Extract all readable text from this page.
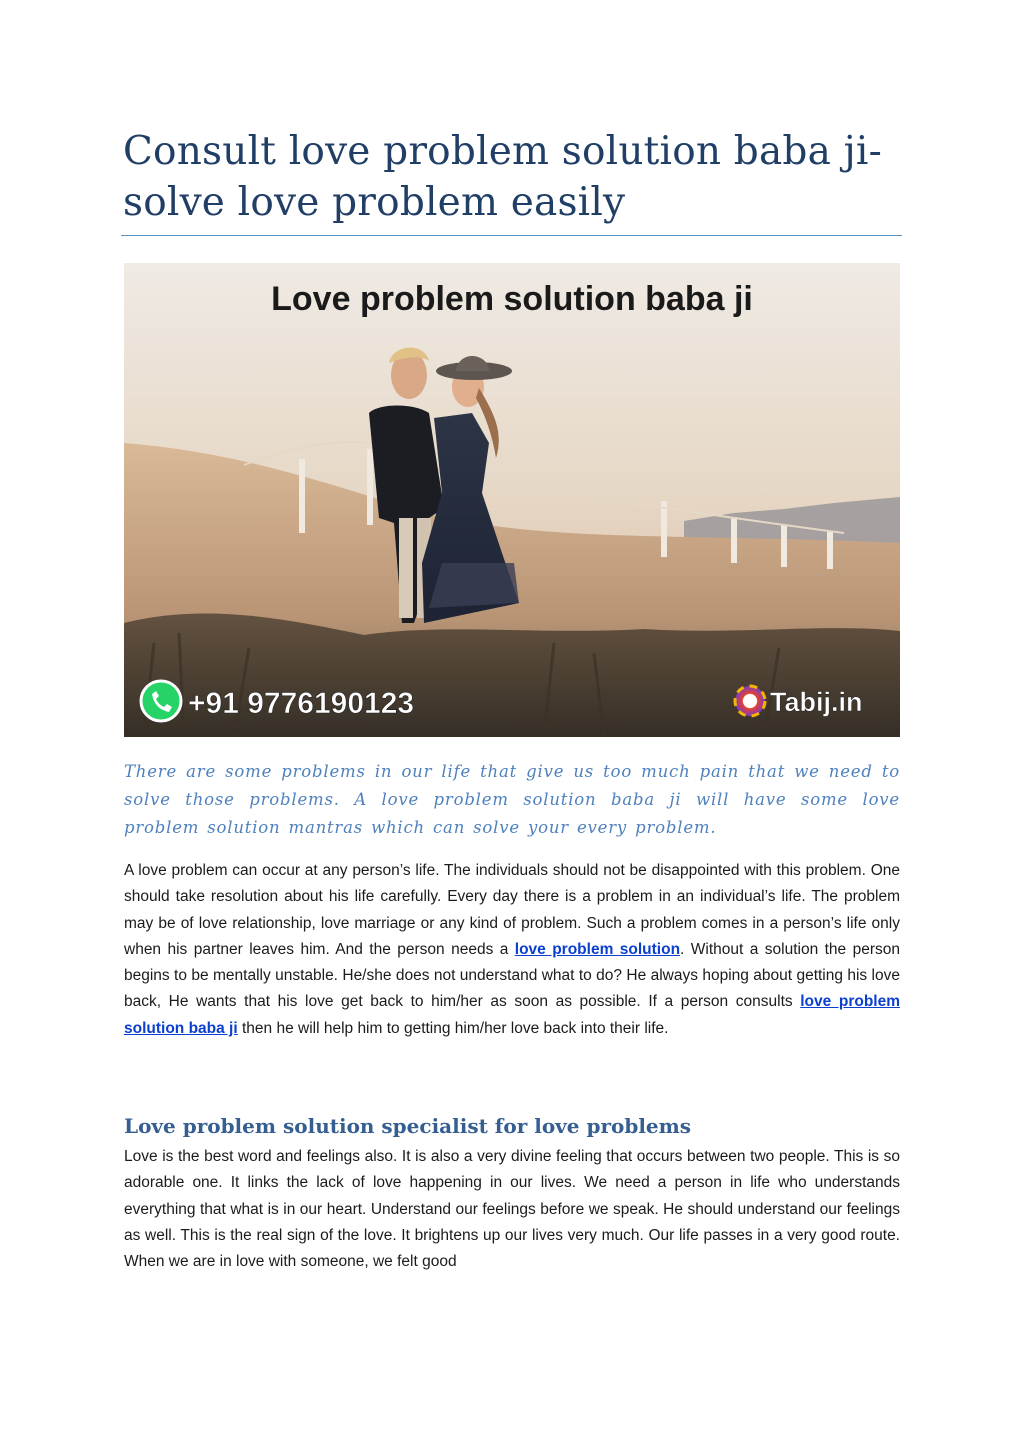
Consult love problem solution baba ji-
solve love problem easily
Love problem solution baba ji
+91 9776190123	Tabij.in

There are some problems in our life that give us too much pain that we need to solve those problems. A love problem solution baba ji will have some love problem solution mantras which can solve your every problem.

A love problem can occur at any person’s life. The individuals should not be disappointed with this problem. One should take resolution about his life carefully. Every day there is a problem in an individual’s life. The problem may be of love relationship, love marriage or any kind of problem. Such a problem comes in a person’s life only when his partner leaves him. And the person needs a love problem solution. Without a solution the person begins to be mentally unstable. He/she does not understand what to do? He always hoping about getting his love back, He wants that his love get back to him/her as soon as possible. If a person consults love problem solution baba ji then he will help him to getting him/her love back into their life.

Love problem solution specialist for love problems

Love is the best word and feelings also. It is also a very divine feeling that occurs between two people. This is so adorable one. It links the lack of love happening in our lives. We need a person in life who understands everything that what is in our heart. Understand our feelings before we speak. He should understand our feelings as well. This is the real sign of the love. It brightens up our lives very much. Our life passes in a very good route. When we are in love with someone, we felt good
